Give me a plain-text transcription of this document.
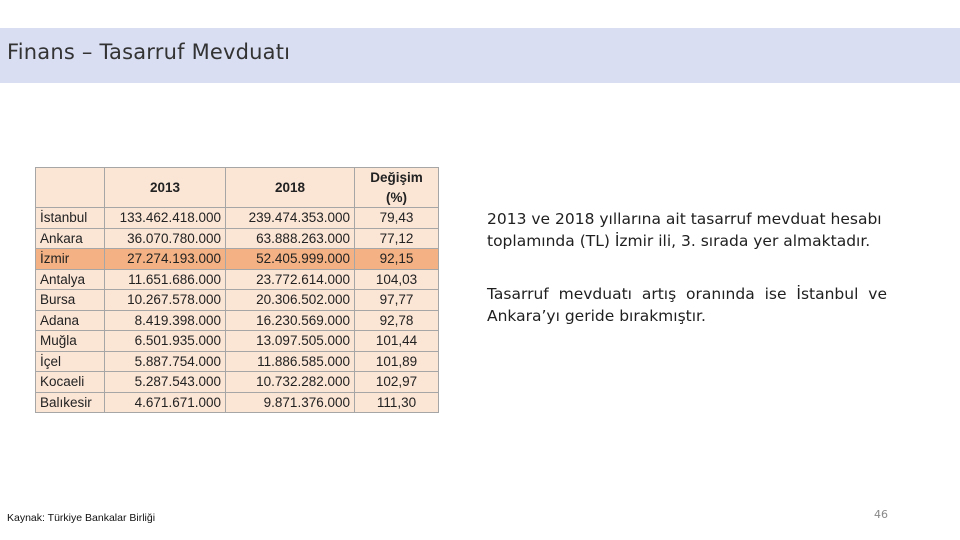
Finans – Tasarruf Mevduatı
	2013	2018	Değişim (%)
İstanbul	133.462.418.000	239.474.353.000	79,43
Ankara	36.070.780.000	63.888.263.000	77,12
İzmir	27.274.193.000	52.405.999.000	92,15
Antalya	11.651.686.000	23.772.614.000	104,03
Bursa	10.267.578.000	20.306.502.000	97,77
Adana	8.419.398.000	16.230.569.000	92,78
Muğla	6.501.935.000	13.097.505.000	101,44
İçel	5.887.754.000	11.886.585.000	101,89
Kocaeli	5.287.543.000	10.732.282.000	102,97
Balıkesir	4.671.671.000	9.871.376.000	111,30
2013 ve 2018 yıllarına ait tasarruf mevduat hesabı toplamında (TL) İzmir ili, 3. sırada yer almaktadır.
Tasarruf mevduatı artış oranında ise İstanbul ve Ankara’yı geride bırakmıştır.
Kaynak: Türkiye Bankalar Birliği	46
